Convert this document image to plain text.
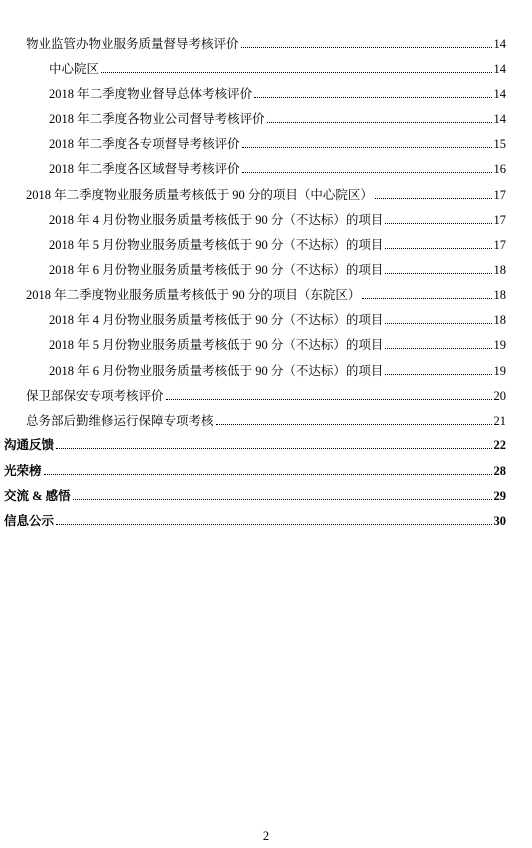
物业监管办物业服务质量督导考核评价	14
中心院区	14
2018 年二季度物业督导总体考核评价	14
2018 年二季度各物业公司督导考核评价	14
2018 年二季度各专项督导考核评价	15
2018 年二季度各区域督导考核评价	16
2018 年二季度物业服务质量考核低于 90 分的项目（中心院区）	17
2018 年 4 月份物业服务质量考核低于 90 分（不达标）的项目	17
2018 年 5 月份物业服务质量考核低于 90 分（不达标）的项目	17
2018 年 6 月份物业服务质量考核低于 90 分（不达标）的项目	18
2018 年二季度物业服务质量考核低于 90 分的项目（东院区）	18
2018 年 4 月份物业服务质量考核低于 90 分（不达标）的项目	18
2018 年 5 月份物业服务质量考核低于 90 分（不达标）的项目	19
2018 年 6 月份物业服务质量考核低于 90 分（不达标）的项目	19
保卫部保安专项考核评价	20
总务部后勤维修运行保障专项考核	21
沟通反馈	22
光荣榜	28
交流 & 感悟	29
信息公示	30
2
